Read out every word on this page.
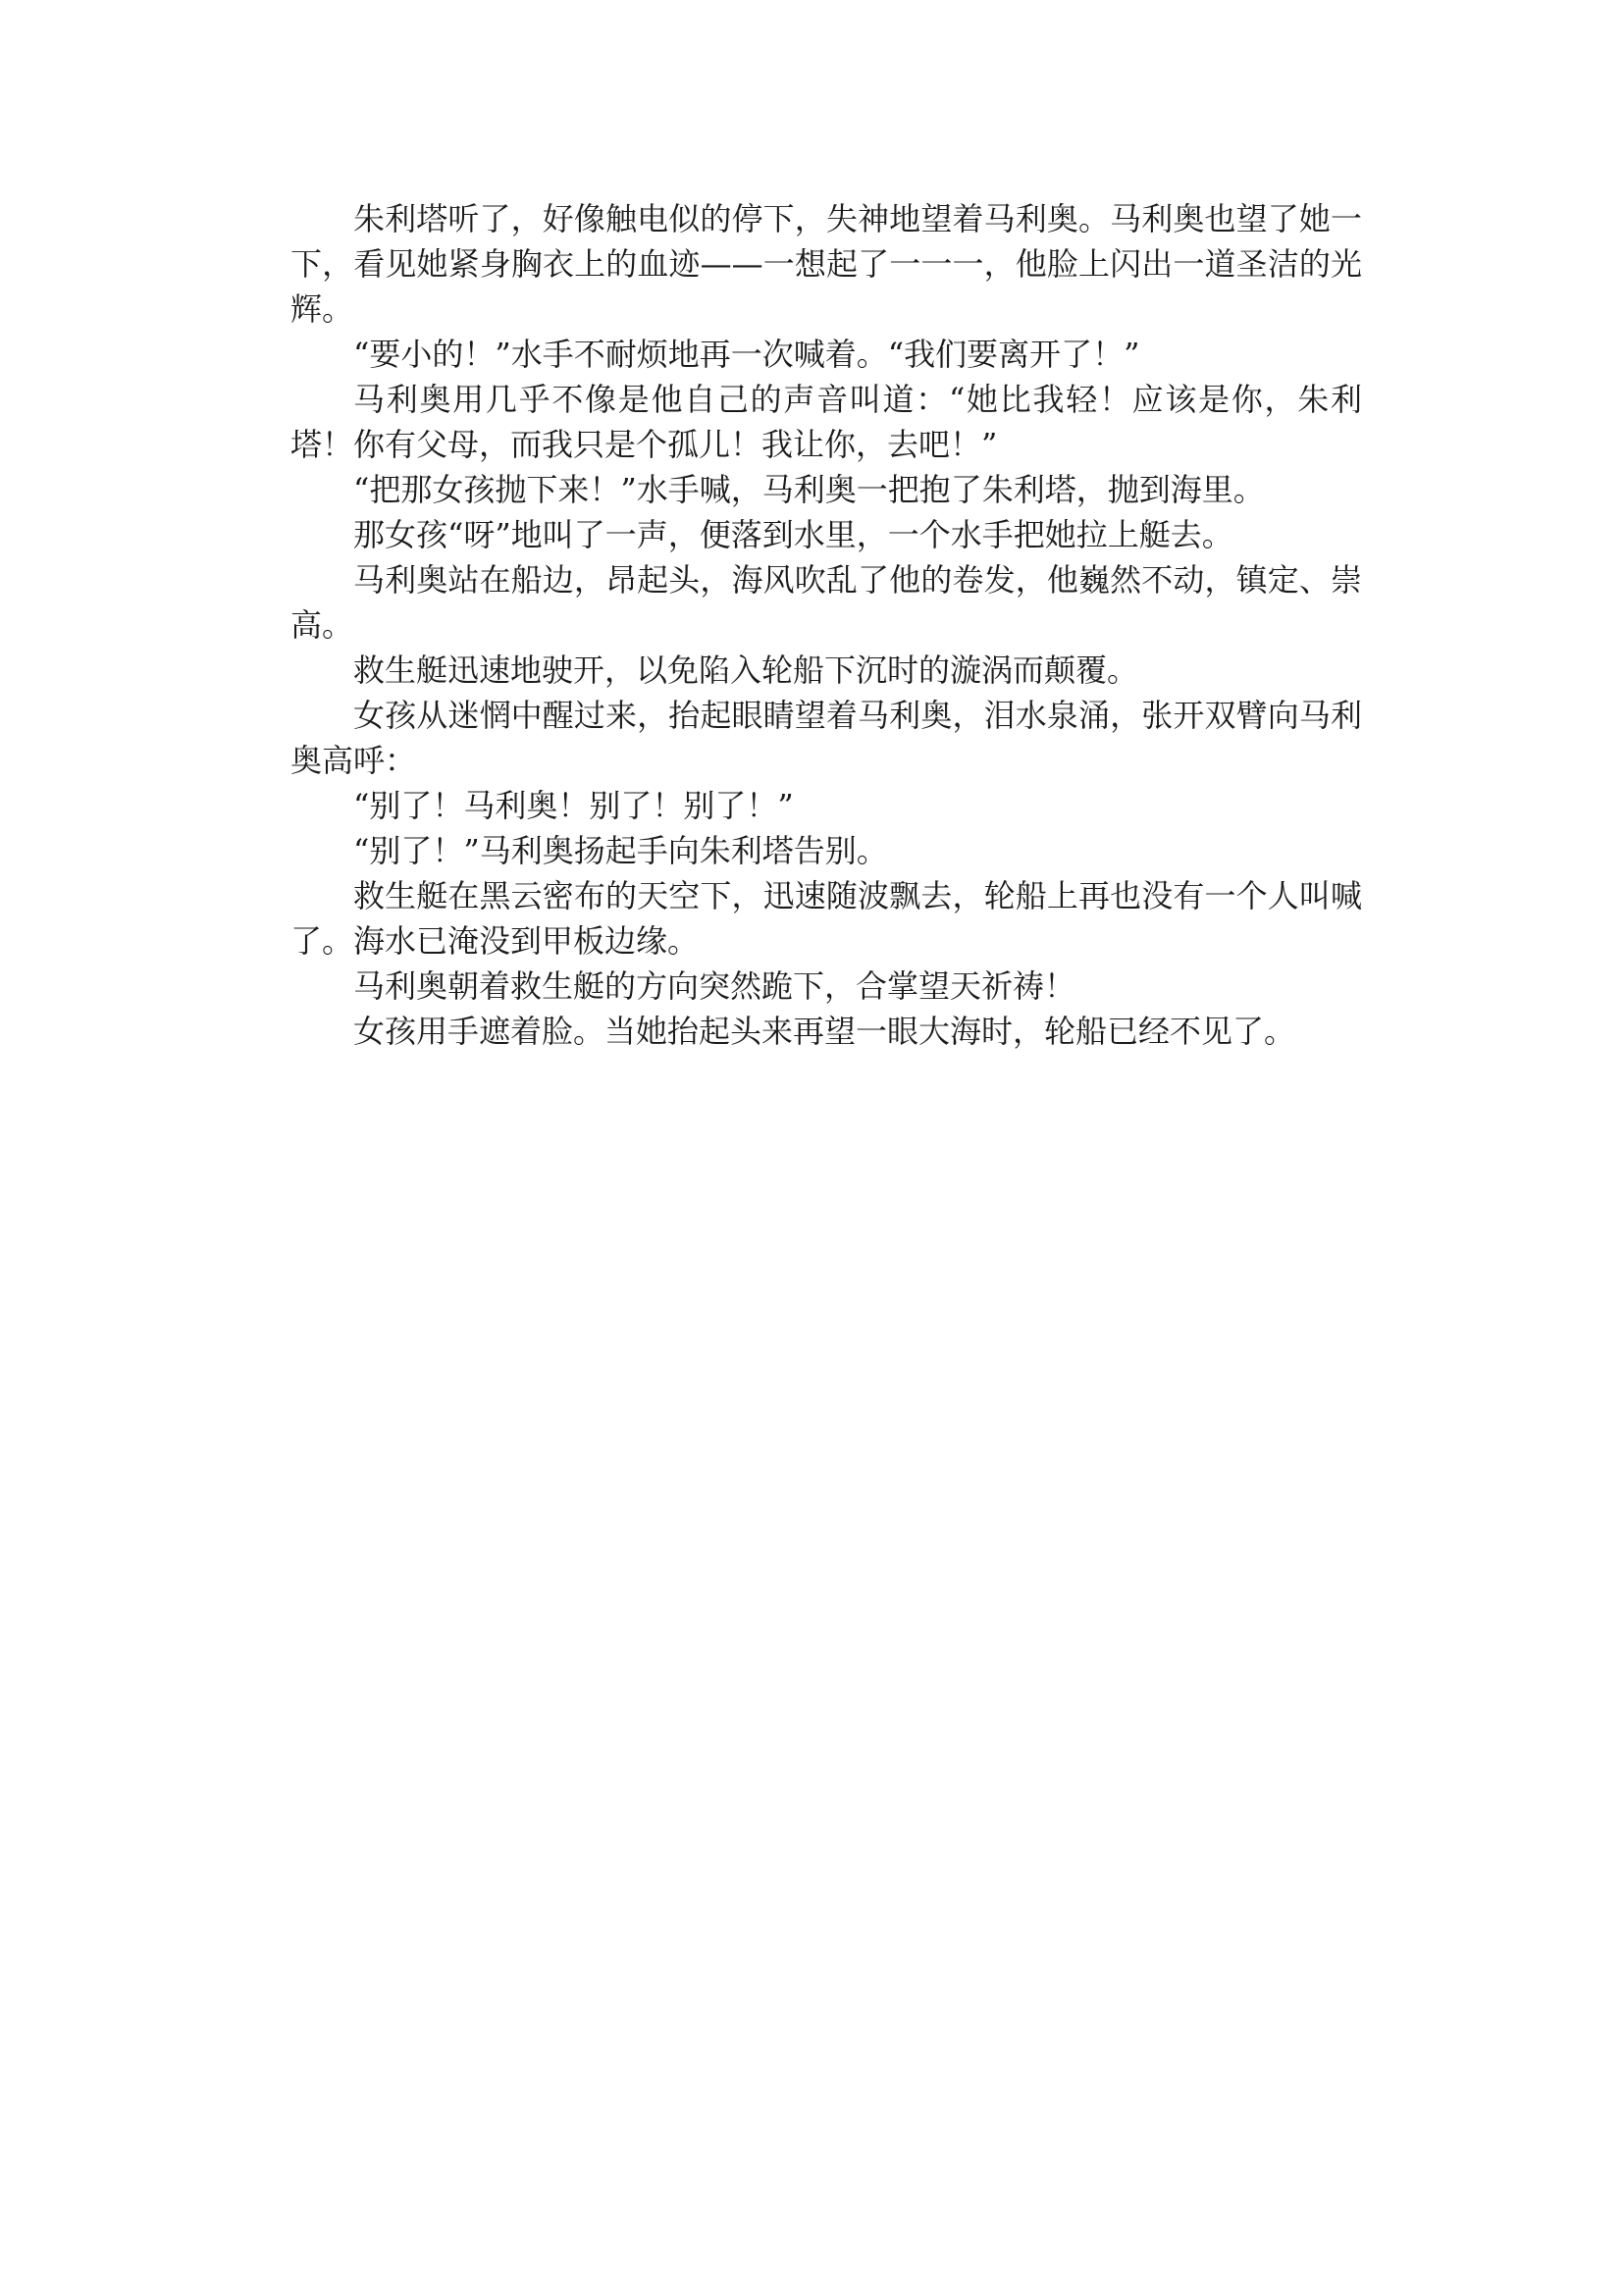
朱利塔听了，好像触电似的停下，失神地望着马利奥。马利奥也望了她一下，看见她紧身胸衣上的血迹——一想起了一一一，他脸上闪出一道圣洁的光辉。

“要小的！”水手不耐烦地再一次喊着。“我们要离开了！”

马利奥用几乎不像是他自己的声音叫道：“她比我轻！应该是你，朱利塔！你有父母，而我只是个孤儿！我让你，去吧！”

“把那女孩抛下来！”水手喊，马利奥一把抱了朱利塔，抛到海里。

那女孩“呀”地叫了一声，便落到水里，一个水手把她拉上艇去。

马利奥站在船边，昂起头，海风吹乱了他的卷发，他巍然不动，镇定、崇高。

救生艇迅速地驶开，以免陷入轮船下沉时的漩涡而颠覆。

女孩从迷惘中醒过来，抬起眼睛望着马利奥，泪水泉涌，张开双臂向马利奥高呼：

“别了！马利奥！别了！别了！”

“别了！”马利奥扬起手向朱利塔告别。

救生艇在黑云密布的天空下，迅速随波飘去，轮船上再也没有一个人叫喊了。海水已淹没到甲板边缘。

马利奥朝着救生艇的方向突然跪下，合掌望天祈祷！

女孩用手遮着脸。当她抬起头来再望一眼大海时，轮船已经不见了。
